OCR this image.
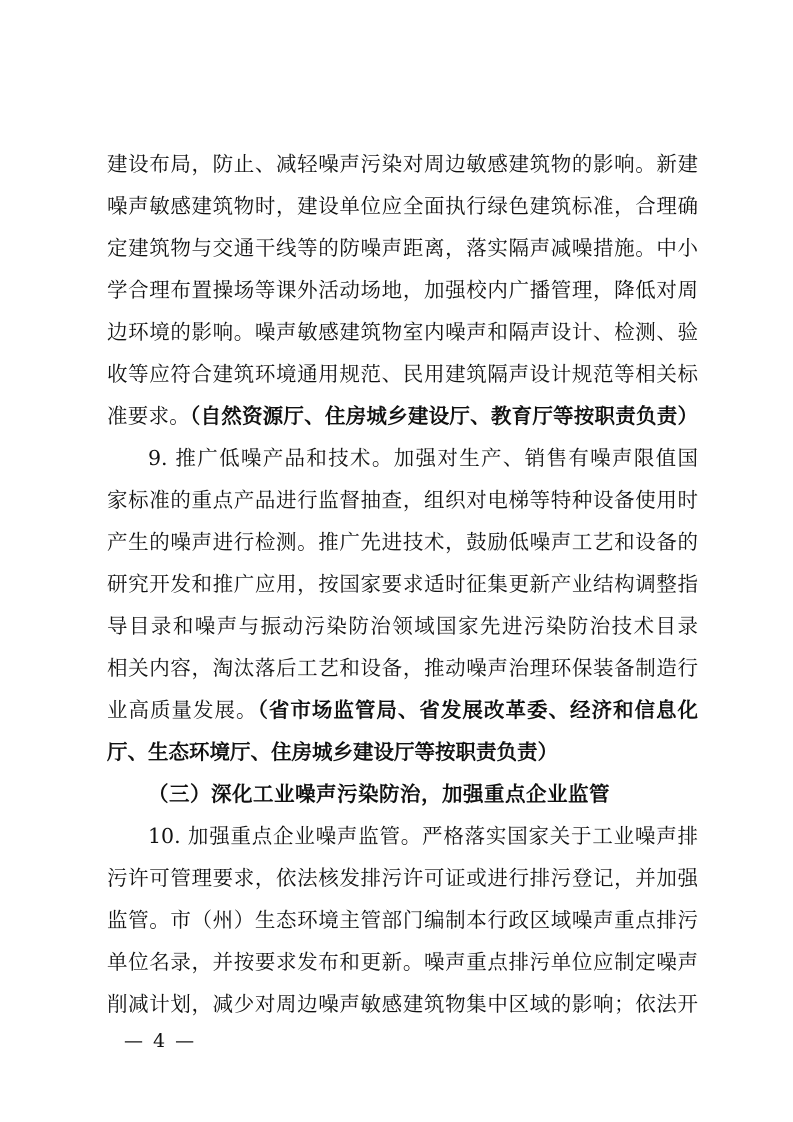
建设布局，防止、减轻噪声污染对周边敏感建筑物的影响。新建
噪声敏感建筑物时，建设单位应全面执行绿色建筑标准，合理确
定建筑物与交通干线等的防噪声距离，落实隔声减噪措施。中小
学合理布置操场等课外活动场地，加强校内广播管理，降低对周
边环境的影响。噪声敏感建筑物室内噪声和隔声设计、检测、验
收等应符合建筑环境通用规范、民用建筑隔声设计规范等相关标
准要求。（自然资源厅、住房城乡建设厅、教育厅等按职责负责）
9. 推广低噪产品和技术。加强对生产、销售有噪声限值国
家标准的重点产品进行监督抽查，组织对电梯等特种设备使用时
产生的噪声进行检测。推广先进技术，鼓励低噪声工艺和设备的
研究开发和推广应用，按国家要求适时征集更新产业结构调整指
导目录和噪声与振动污染防治领域国家先进污染防治技术目录
相关内容，淘汰落后工艺和设备，推动噪声治理环保装备制造行
业高质量发展。（省市场监管局、省发展改革委、经济和信息化
厅、生态环境厅、住房城乡建设厅等按职责负责）
（三）深化工业噪声污染防治，加强重点企业监管
10. 加强重点企业噪声监管。严格落实国家关于工业噪声排
污许可管理要求，依法核发排污许可证或进行排污登记，并加强
监管。市（州）生态环境主管部门编制本行政区域噪声重点排污
单位名录，并按要求发布和更新。噪声重点排污单位应制定噪声
削减计划，减少对周边噪声敏感建筑物集中区域的影响；依法开
— 4 —
